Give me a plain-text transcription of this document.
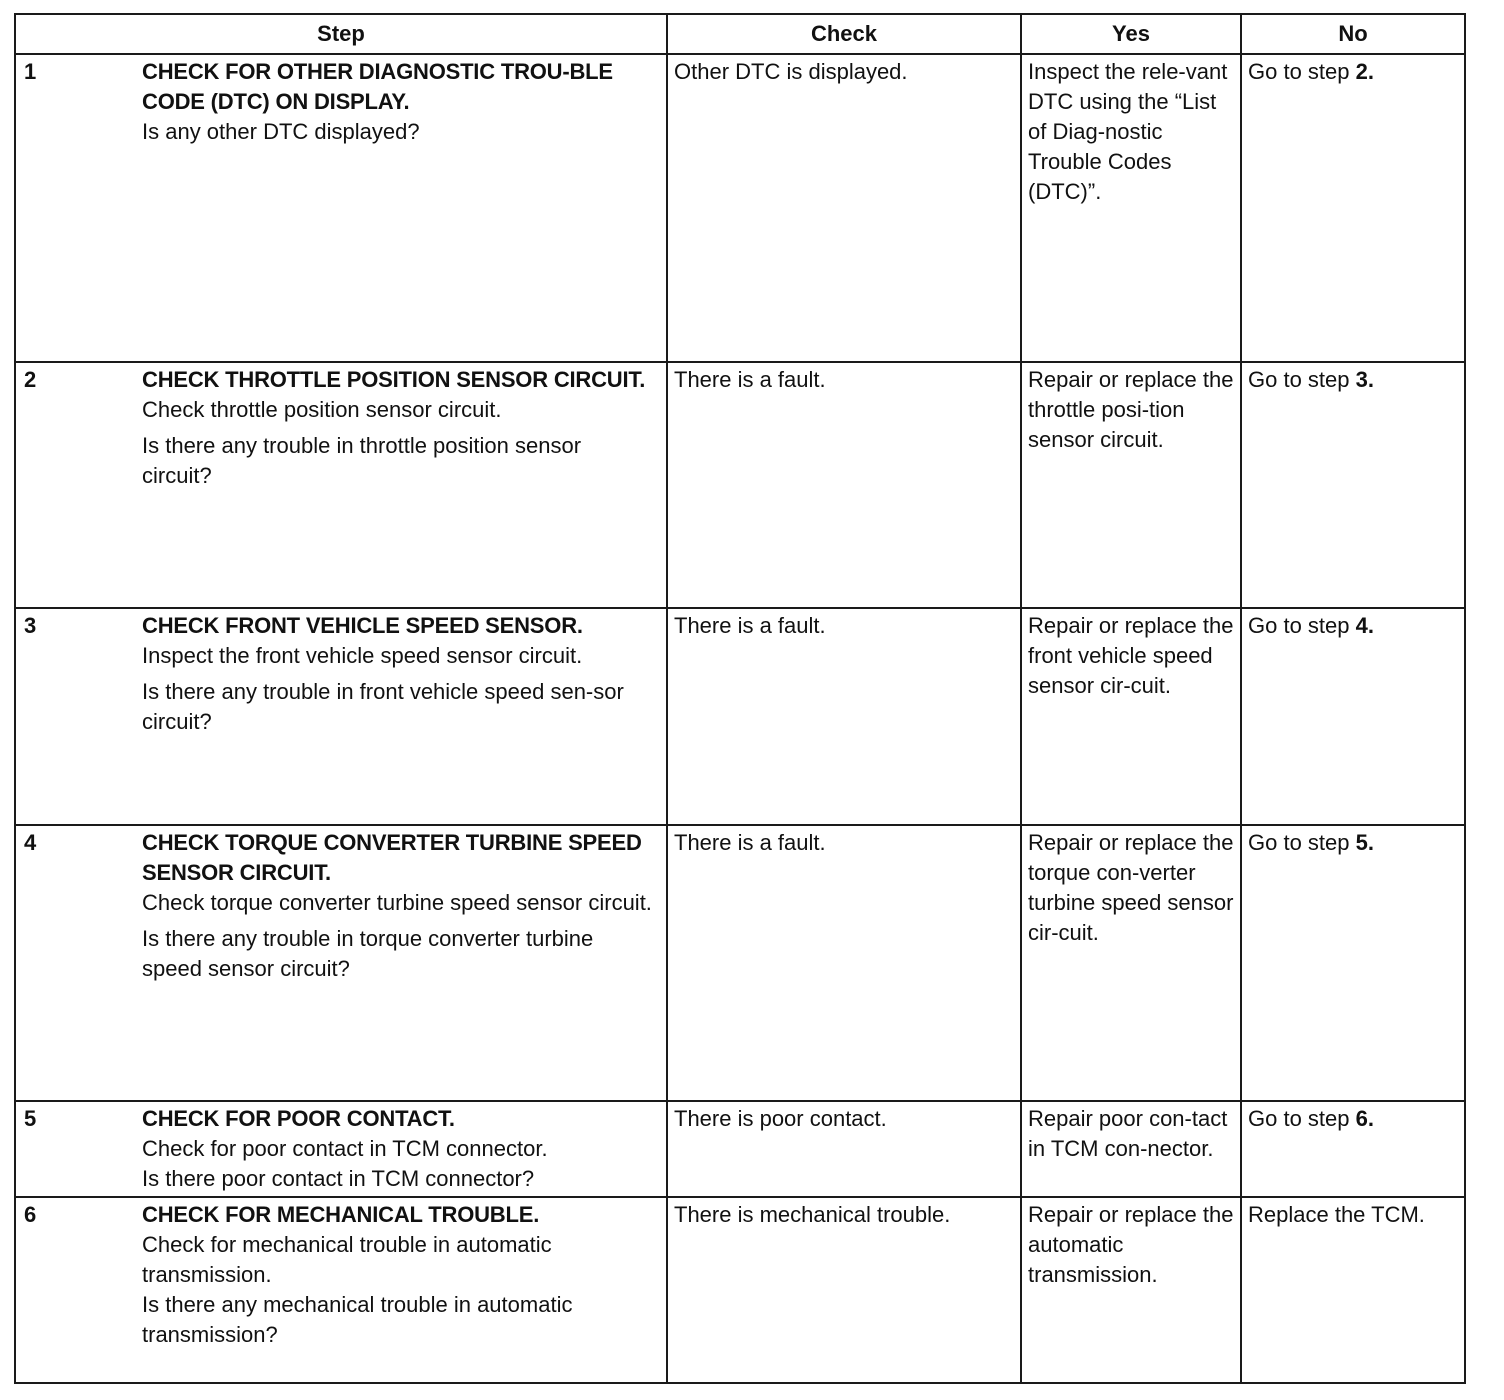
Step	Check	Yes	No

1 CHECK FOR OTHER DIAGNOSTIC TROU-BLE CODE (DTC) ON DISPLAY.

Is any other DTC displayed?	Other DTC is displayed.	Inspect the rele-vant DTC using the “List of Diag-nostic Trouble Codes (DTC)”.	Go to step 2.

2 CHECK THROTTLE POSITION SENSOR CIRCUIT.

Check throttle position sensor circuit.

Is there any trouble in throttle position sensor circuit?	There is a fault.	Repair or replace the throttle posi-tion sensor circuit.	Go to step 3.

3 CHECK FRONT VEHICLE SPEED SENSOR.

Inspect the front vehicle speed sensor circuit.

Is there any trouble in front vehicle speed sen-sor circuit?	There is a fault.	Repair or replace the front vehicle speed sensor cir-cuit.	Go to step 4.

4 CHECK TORQUE CONVERTER TURBINE SPEED SENSOR CIRCUIT.

Check torque converter turbine speed sensor circuit.

Is there any trouble in torque converter turbine speed sensor circuit?	There is a fault.	Repair or replace the torque con-verter turbine speed sensor cir-cuit.	Go to step 5.

5 CHECK FOR POOR CONTACT.

Check for poor contact in TCM connector.

Is there poor contact in TCM connector?	There is poor contact.	Repair poor con-tact in TCM con-nector.	Go to step 6.

6 CHECK FOR MECHANICAL TROUBLE.

Check for mechanical trouble in automatic transmission.

Is there any mechanical trouble in automatic transmission?	There is mechanical trouble.	Repair or replace the automatic transmission.	Replace the TCM.
